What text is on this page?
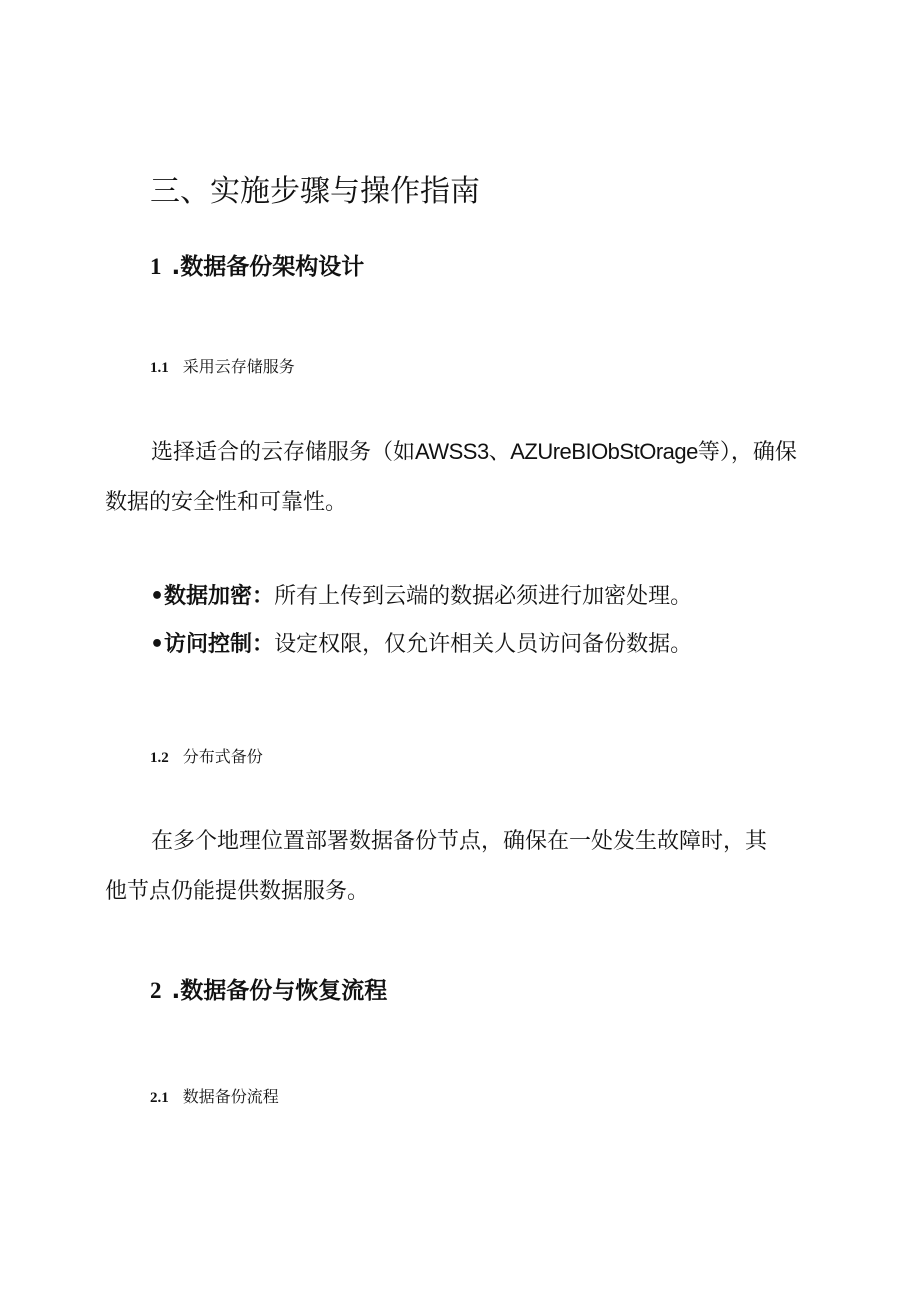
三、实施步骤与操作指南
1 .数据备份架构设计
1.1 采用云存储服务
选择适合的云存储服务（如AWSS3、AZUreBIObStOrage等），确保
数据的安全性和可靠性。
•数据加密：所有上传到云端的数据必须进行加密处理。
•访问控制：设定权限，仅允许相关人员访问备份数据。
1.2 分布式备份
在多个地理位置部署数据备份节点，确保在一处发生故障时，其
他节点仍能提供数据服务。
2 .数据备份与恢复流程
2.1 数据备份流程
